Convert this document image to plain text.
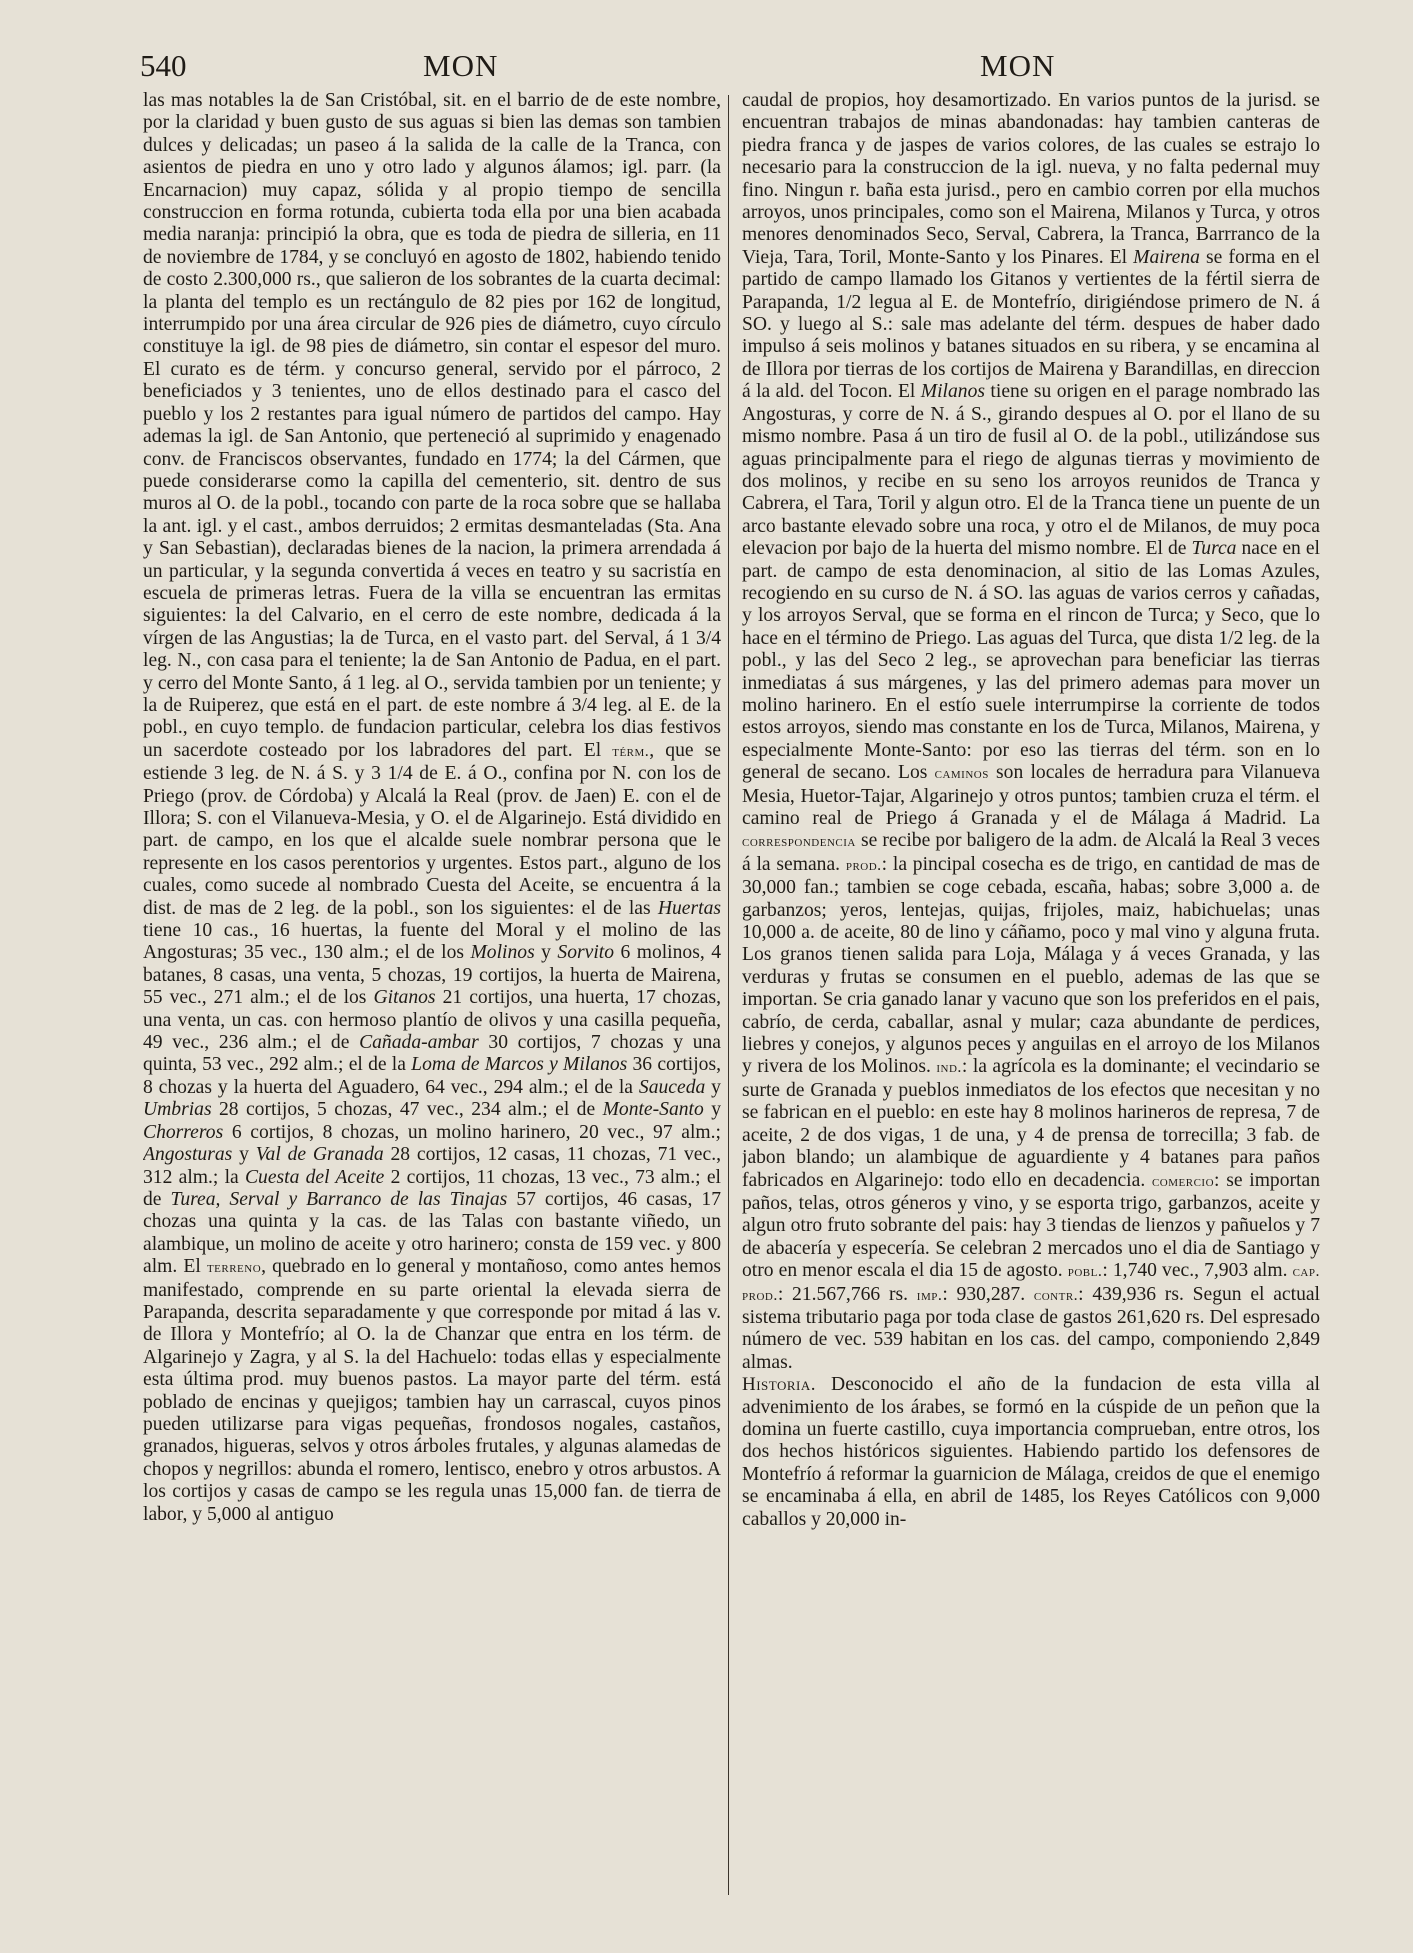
540	MON	MON

las mas notables la de San Cristóbal, sit. en el barrio de de este nombre, por la claridad y buen gusto de sus aguas si bien las demas son tambien dulces y delicadas; un paseo á la salida de la calle de la Tranca, con asientos de piedra en uno y otro lado y algunos álamos; igl. parr. (la Encarnacion) muy capaz, sólida y al propio tiempo de sencilla construccion en forma rotunda, cubierta toda ella por una bien acabada media naranja: principió la obra, que es toda de piedra de silleria, en 11 de noviembre de 1784, y se concluyó en agosto de 1802, habiendo tenido de costo 2.300,000 rs., que salieron de los sobrantes de la cuarta decimal: la planta del templo es un rectángulo de 82 pies por 162 de longitud, interrumpido por una área circular de 926 pies de diámetro, cuyo círculo constituye la igl. de 98 pies de diámetro, sin contar el espesor del muro. El curato es de térm. y concurso general, servido por el párroco, 2 beneficiados y 3 tenientes, uno de ellos destinado para el casco del pueblo y los 2 restantes para igual número de partidos del campo. Hay ademas la igl. de San Antonio, que perteneció al suprimido y enagenado conv. de Franciscos observantes, fundado en 1774; la del Cármen, que puede considerarse como la capilla del cementerio, sit. dentro de sus muros al O. de la pobl., tocando con parte de la roca sobre que se hallaba la ant. igl. y el cast., ambos derruidos; 2 ermitas desmanteladas (Sta. Ana y San Sebastian), declaradas bienes de la nacion, la primera arrendada á un particular, y la segunda convertida á veces en teatro y su sacristía en escuela de primeras letras. Fuera de la villa se encuentran las ermitas siguientes: la del Calvario, en el cerro de este nombre, dedicada á la vírgen de las Angustias; la de Turca, en el vasto part. del Serval, á 1 3/4 leg. N., con casa para el teniente; la de San Antonio de Padua, en el part. y cerro del Monte Santo, á 1 leg. al O., servida tambien por un teniente; y la de Ruiperez, que está en el part. de este nombre á 3/4 leg. al E. de la pobl., en cuyo templo. de fundacion particular, celebra los dias festivos un sacerdote costeado por los labradores del part. El térm., que se estiende 3 leg. de N. á S. y 3 1/4 de E. á O., confina por N. con los de Priego (prov. de Córdoba) y Alcalá la Real (prov. de Jaen) E. con el de Illora; S. con el Vilanueva-Mesia, y O. el de Algarinejo. Está dividido en part. de campo, en los que el alcalde suele nombrar persona que le represente en los casos perentorios y urgentes. Estos part., alguno de los cuales, como sucede al nombrado Cuesta del Aceite, se encuentra á la dist. de mas de 2 leg. de la pobl., son los siguientes: el de las Huertas tiene 10 cas., 16 huertas, la fuente del Moral y el molino de las Angosturas; 35 vec., 130 alm.; el de los Molinos y Sorvito 6 molinos, 4 batanes, 8 casas, una venta, 5 chozas, 19 cortijos, la huerta de Mairena, 55 vec., 271 alm.; el de los Gitanos 21 cortijos, una huerta, 17 chozas, una venta, un cas. con hermoso plantío de olivos y una casilla pequeña, 49 vec., 236 alm.; el de Cañada-ambar 30 cortijos, 7 chozas y una quinta, 53 vec., 292 alm.; el de la Loma de Marcos y Milanos 36 cortijos, 8 chozas y la huerta del Aguadero, 64 vec., 294 alm.; el de la Sauceda y Umbrias 28 cortijos, 5 chozas, 47 vec., 234 alm.; el de Monte-Santo y Chorreros 6 cortijos, 8 chozas, un molino harinero, 20 vec., 97 alm.; Angosturas y Val de Granada 28 cortijos, 12 casas, 11 chozas, 71 vec., 312 alm.; la Cuesta del Aceite 2 cortijos, 11 chozas, 13 vec., 73 alm.; el de Turea, Serval y Barranco de las Tinajas 57 cortijos, 46 casas, 17 chozas una quinta y la cas. de las Talas con bastante viñedo, un alambique, un molino de aceite y otro harinero; consta de 159 vec. y 800 alm. El terreno, quebrado en lo general y montañoso, como antes hemos manifestado, comprende en su parte oriental la elevada sierra de Parapanda, descrita separadamente y que corresponde por mitad á las v. de Illora y Montefrío; al O. la de Chanzar que entra en los térm. de Algarinejo y Zagra, y al S. la del Hachuelo: todas ellas y especialmente esta última prod. muy buenos pastos. La mayor parte del térm. está poblado de encinas y quejigos; tambien hay un carrascal, cuyos pinos pueden utilizarse para vigas pequeñas, frondosos nogales, castaños, granados, higueras, selvos y otros árboles frutales, y algunas alamedas de chopos y negrillos: abunda el romero, lentisco, enebro y otros arbustos. A los cortijos y casas de campo se les regula unas 15,000 fan. de tierra de labor, y 5,000 al antiguo

caudal de propios, hoy desamortizado. En varios puntos de la jurisd. se encuentran trabajos de minas abandonadas: hay tambien canteras de piedra franca y de jaspes de varios colores, de las cuales se estrajo lo necesario para la construccion de la igl. nueva, y no falta pedernal muy fino. Ningun r. baña esta jurisd., pero en cambio corren por ella muchos arroyos, unos principales, como son el Mairena, Milanos y Turca, y otros menores denominados Seco, Serval, Cabrera, la Tranca, Barrranco de la Vieja, Tara, Toril, Monte-Santo y los Pinares. El Mairena se forma en el partido de campo llamado los Gitanos y vertientes de la fértil sierra de Parapanda, 1/2 legua al E. de Montefrío, dirigiéndose primero de N. á SO. y luego al S.: sale mas adelante del térm. despues de haber dado impulso á seis molinos y batanes situados en su ribera, y se encamina al de Illora por tierras de los cortijos de Mairena y Barandillas, en direccion á la ald. del Tocon. El Milanos tiene su origen en el parage nombrado las Angosturas, y corre de N. á S., girando despues al O. por el llano de su mismo nombre. Pasa á un tiro de fusil al O. de la pobl., utilizándose sus aguas principalmente para el riego de algunas tierras y movimiento de dos molinos, y recibe en su seno los arroyos reunidos de Tranca y Cabrera, el Tara, Toril y algun otro. El de la Tranca tiene un puente de un arco bastante elevado sobre una roca, y otro el de Milanos, de muy poca elevacion por bajo de la huerta del mismo nombre. El de Turca nace en el part. de campo de esta denominacion, al sitio de las Lomas Azules, recogiendo en su curso de N. á SO. las aguas de varios cerros y cañadas, y los arroyos Serval, que se forma en el rincon de Turca; y Seco, que lo hace en el término de Priego. Las aguas del Turca, que dista 1/2 leg. de la pobl., y las del Seco 2 leg., se aprovechan para beneficiar las tierras inmediatas á sus márgenes, y las del primero ademas para mover un molino harinero. En el estío suele interrumpirse la corriente de todos estos arroyos, siendo mas constante en los de Turca, Milanos, Mairena, y especialmente Monte-Santo: por eso las tierras del térm. son en lo general de secano. Los caminos son locales de herradura para Vilanueva Mesia, Huetor-Tajar, Algarinejo y otros puntos; tambien cruza el térm. el camino real de Priego á Granada y el de Málaga á Madrid. La correspondencia se recibe por baligero de la adm. de Alcalá la Real 3 veces á la semana. prod.: la pincipal cosecha es de trigo, en cantidad de mas de 30,000 fan.; tambien se coge cebada, escaña, habas; sobre 3,000 a. de garbanzos; yeros, lentejas, quijas, frijoles, maiz, habichuelas; unas 10,000 a. de aceite, 80 de lino y cáñamo, poco y mal vino y alguna fruta. Los granos tienen salida para Loja, Málaga y á veces Granada, y las verduras y frutas se consumen en el pueblo, ademas de las que se importan. Se cria ganado lanar y vacuno que son los preferidos en el pais, cabrío, de cerda, caballar, asnal y mular; caza abundante de perdices, liebres y conejos, y algunos peces y anguilas en el arroyo de los Milanos y rivera de los Molinos. ind.: la agrícola es la dominante; el vecindario se surte de Granada y pueblos inmediatos de los efectos que necesitan y no se fabrican en el pueblo: en este hay 8 molinos harineros de represa, 7 de aceite, 2 de dos vigas, 1 de una, y 4 de prensa de torrecilla; 3 fab. de jabon blando; un alambique de aguardiente y 4 batanes para paños fabricados en Algarinejo: todo ello en decadencia. comercio: se importan paños, telas, otros géneros y vino, y se esporta trigo, garbanzos, aceite y algun otro fruto sobrante del pais: hay 3 tiendas de lienzos y pañuelos y 7 de abacería y especería. Se celebran 2 mercados uno el dia de Santiago y otro en menor escala el dia 15 de agosto. pobl.: 1,740 vec., 7,903 alm. cap. prod.: 21.567,766 rs. imp.: 930,287. contr.: 439,936 rs. Segun el actual sistema tributario paga por toda clase de gastos 261,620 rs. Del espresado número de vec. 539 habitan en los cas. del campo, componiendo 2,849 almas.

Historia. Desconocido el año de la fundacion de esta villa al advenimiento de los árabes, se formó en la cúspide de un peñon que la domina un fuerte castillo, cuya importancia comprueban, entre otros, los dos hechos históricos siguientes. Habiendo partido los defensores de Montefrío á reformar la guarnicion de Málaga, creidos de que el enemigo se encaminaba á ella, en abril de 1485, los Reyes Católicos con 9,000 caballos y 20,000 in-
